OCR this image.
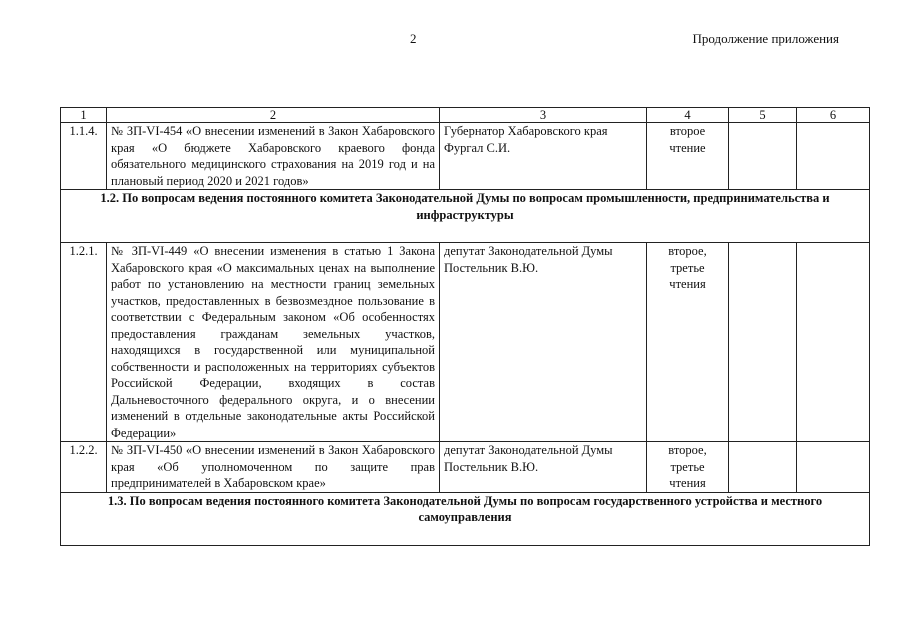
2	Продолжение приложения
1	2	3	4	5	6
1.1.4.	№ ЗП-VI-454 «О внесении изменений в Закон Хабаровского края «О бюджете Хабаровского краевого фонда обязательного медицинского страхования на 2019 год и на плановый период 2020 и 2021 годов»	Губернатор Хабаровского края Фургал С.И.	второе чтение		
1.2. По вопросам ведения постоянного комитета Законодательной Думы по вопросам промышленности, предпринимательства и инфраструктуры					
1.2.1.	№ ЗП-VI-449 «О внесении изменения в статью 1 Закона Хабаровского края «О максимальных ценах на выполнение работ по установлению на местности границ земельных участков, предоставленных в безвозмездное пользование в соответствии с Федеральным законом «Об особенностях предоставления гражданам земельных участков, находящихся в государственной или муниципальной собственности и расположенных на территориях субъектов Российской Федерации, входящих в состав Дальневосточного федерального округа, и о внесении изменений в отдельные законодательные акты Российской Федерации»	депутат Законодательной Думы Постельник В.Ю.	второе, третье чтения		
1.2.2.	№ ЗП-VI-450 «О внесении изменений в Закон Хабаровского края «Об уполномоченном по защите прав предпринимателей в Хабаровском крае»	депутат Законодательной Думы Постельник В.Ю.	второе, третье чтения		
1.3. По вопросам ведения постоянного комитета Законодательной Думы по вопросам государственного устройства и местного самоуправления					
